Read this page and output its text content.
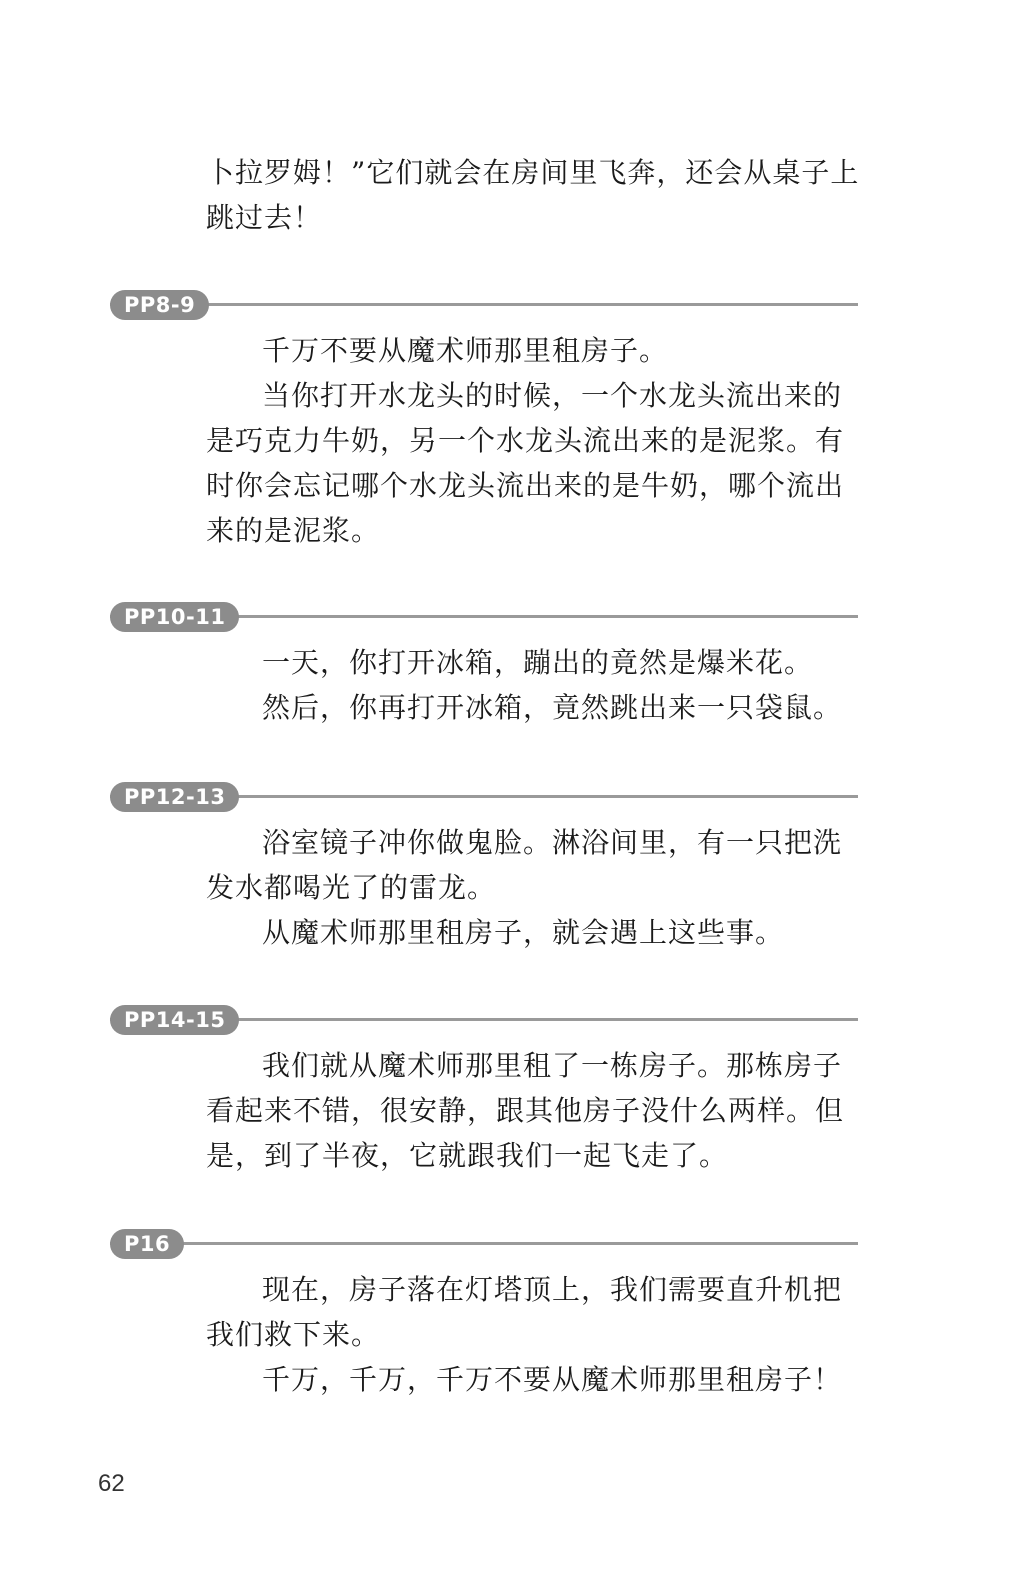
卜拉罗姆！”它们就会在房间里飞奔，还会从桌子上跳过去！

PP8-9

千万不要从魔术师那里租房子。

当你打开水龙头的时候，一个水龙头流出来的是巧克力牛奶，另一个水龙头流出来的是泥浆。有时你会忘记哪个水龙头流出来的是牛奶，哪个流出来的是泥浆。

PP10-11

一天，你打开冰箱，蹦出的竟然是爆米花。

然后，你再打开冰箱，竟然跳出来一只袋鼠。

PP12-13

浴室镜子冲你做鬼脸。淋浴间里，有一只把洗发水都喝光了的雷龙。

从魔术师那里租房子，就会遇上这些事。

PP14-15

我们就从魔术师那里租了一栋房子。那栋房子看起来不错，很安静，跟其他房子没什么两样。但是，到了半夜，它就跟我们一起飞走了。

P16

现在，房子落在灯塔顶上，我们需要直升机把我们救下来。

千万，千万，千万不要从魔术师那里租房子！

62
